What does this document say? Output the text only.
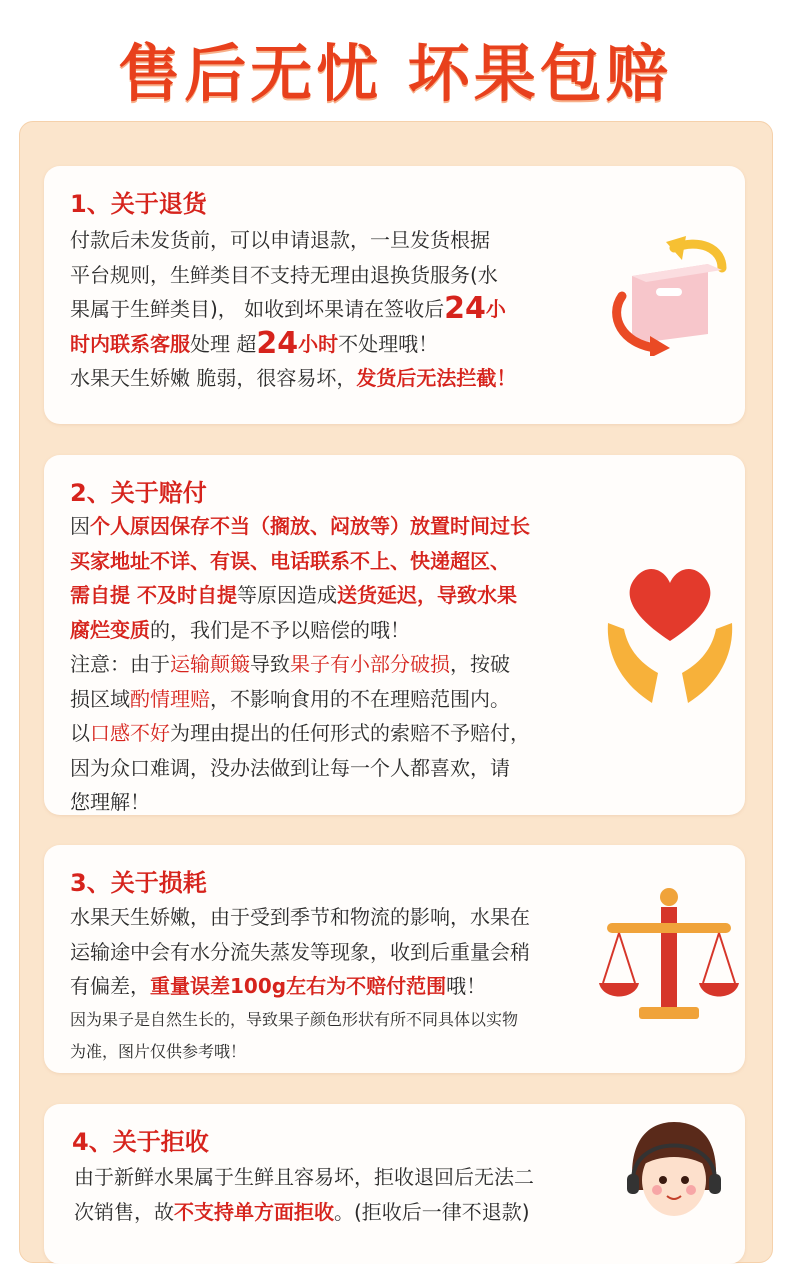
售后无忧 坏果包赔
1、关于退货
付款后未发货前，可以申请退款，一旦发货根据
平台规则，生鲜类目不支持无理由退换货服务(水
果属于生鲜类目)， 如收到坏果请在签收后24小
时内联系客服处理 超24小时不处理哦！
水果天生娇嫩 脆弱，很容易坏，发货后无法拦截！
2、关于赔付
因个人原因保存不当（搁放、闷放等）放置时间过长
买家地址不详、有误、电话联系不上、快递超区、
需自提 不及时自提等原因造成送货延迟，导致水果
腐烂变质的，我们是不予以赔偿的哦！
注意：由于运输颠簸导致果子有小部分破损，按破
损区域酌情理赔，不影响食用的不在理赔范围内。
以口感不好为理由提出的任何形式的索赔不予赔付，
因为众口难调，没办法做到让每一个人都喜欢，请
您理解！
3、关于损耗
水果天生娇嫩，由于受到季节和物流的影响，水果在
运输途中会有水分流失蒸发等现象，收到后重量会稍
有偏差，重量误差100g左右为不赔付范围哦！
因为果子是自然生长的，导致果子颜色形状有所不同具体以实物
为准，图片仅供参考哦！
4、关于拒收
由于新鲜水果属于生鲜且容易坏，拒收退回后无法二
次销售，故不支持单方面拒收。(拒收后一律不退款)
